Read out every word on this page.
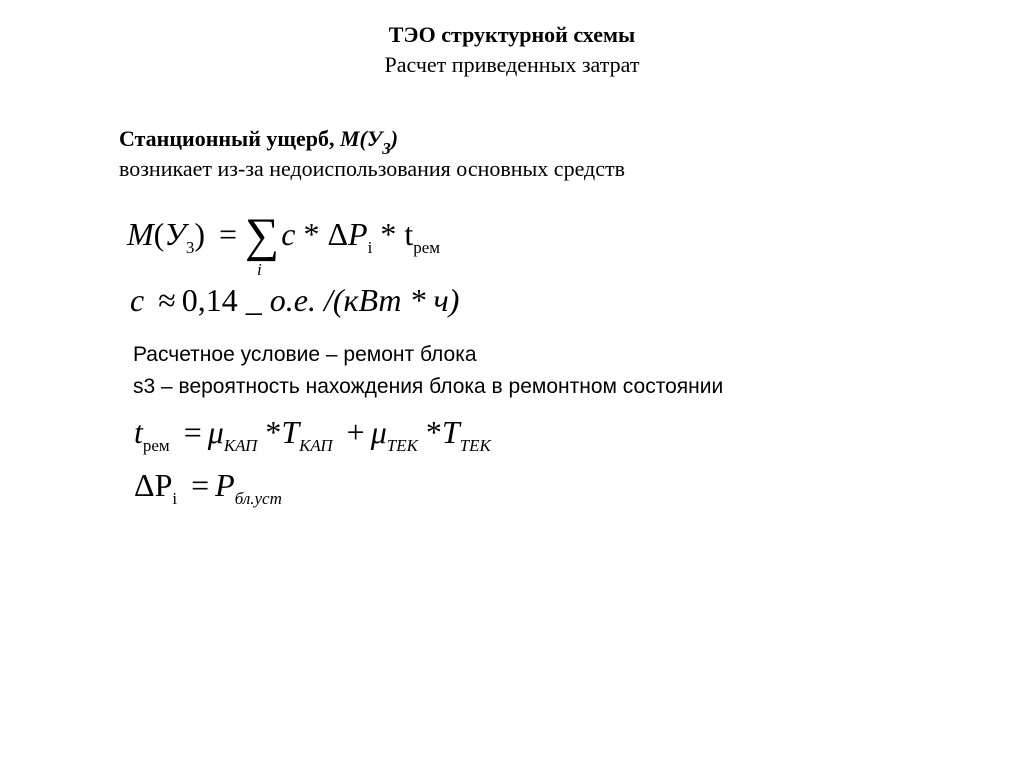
ТЭО структурной схемы
Расчет приведенных затрат
Станционный ущерб, $M(У_3)$
возникает из-за недоиспользования основных средств
$M(У_3)$ = ∑
i
c * $\Delta P_i * t_{рем}$
c ≈ 0,14 _ о.е. /(кВт * ч)
Расчетное условие – ремонт блока
s3 – вероятность нахождения блока в ремонтном состоянии
$t_{рем} = \mu_{КАП}$ $*T_{КАП} + \mu_{ТЕК}$ $*T_{ТЕК}$
$\Delta P_i = P_{бл.уст}$
